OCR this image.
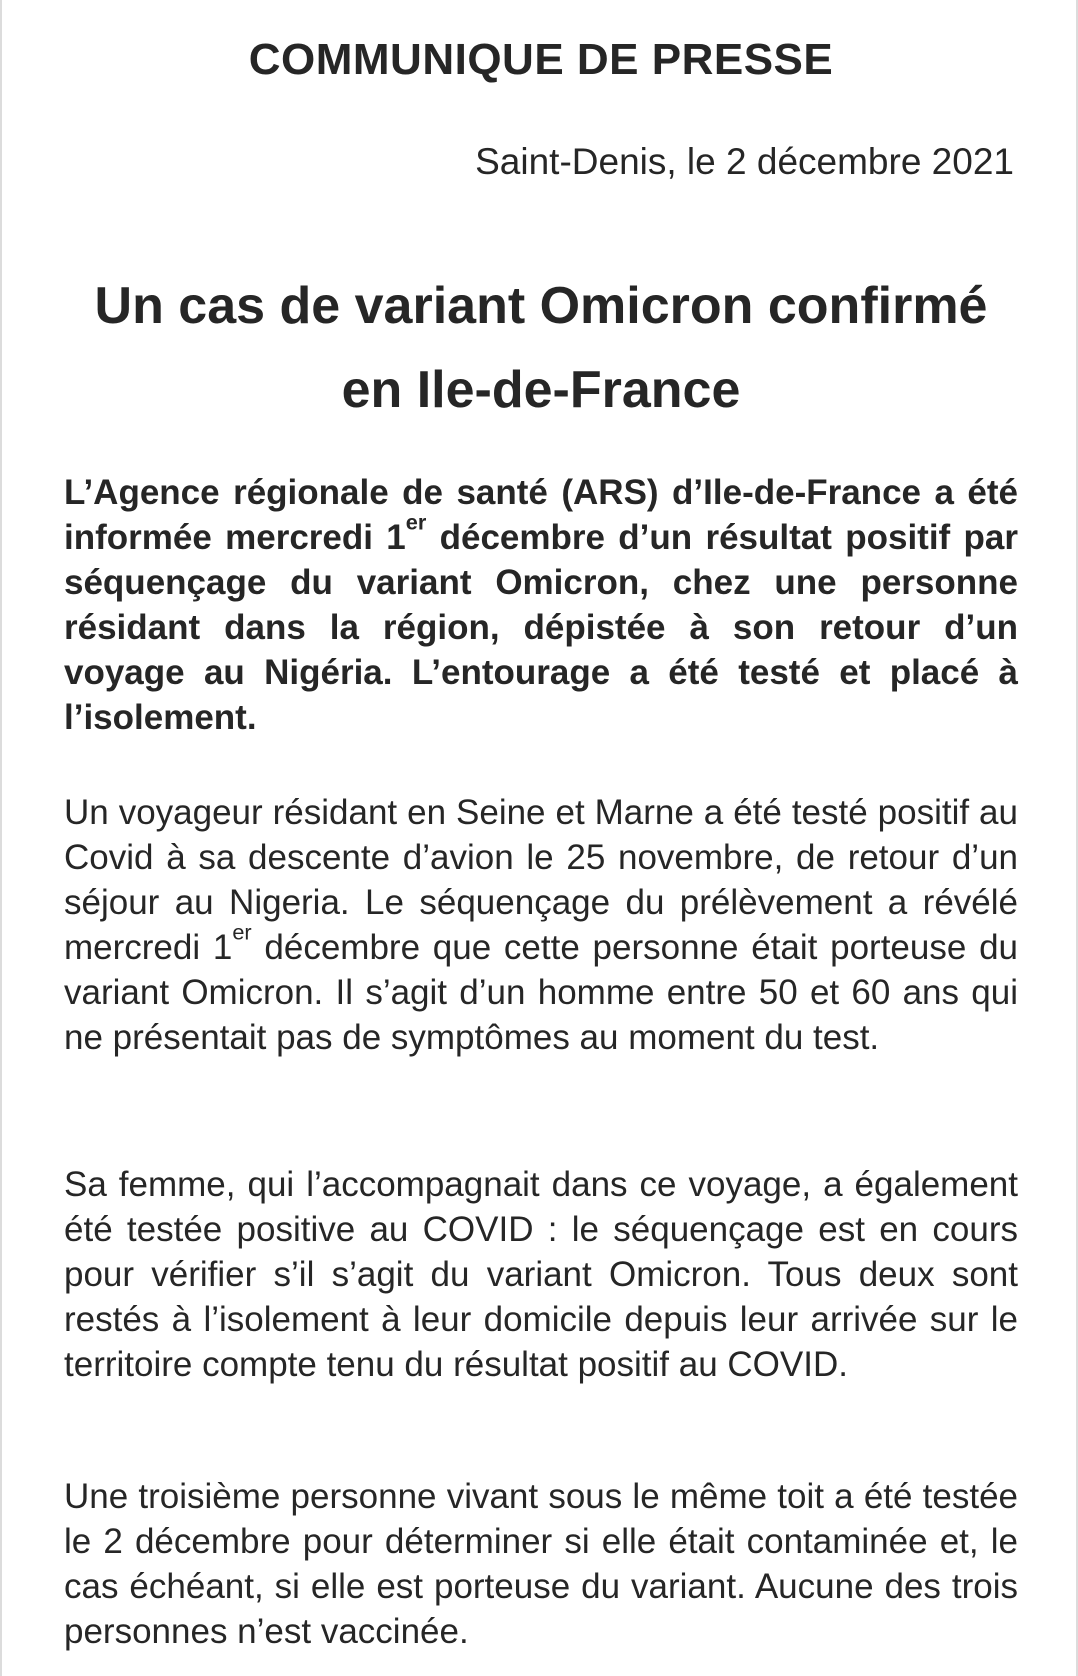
COMMUNIQUE DE PRESSE
Saint-Denis, le 2 décembre 2021
Un cas de variant Omicron confirmé
en Ile-de-France

L’Agence régionale de santé (ARS) d’Ile-de-France a été informée mercredi 1er décembre d’un résultat positif par séquençage du variant Omicron, chez une personne résidant dans la région, dépistée à son retour d’un voyage au Nigéria. L’entourage a été testé et placé à l’isolement.

Un voyageur résidant en Seine et Marne a été testé positif au Covid à sa descente d’avion le 25 novembre, de retour d’un séjour au Nigeria. Le séquençage du prélèvement a révélé mercredi 1er décembre que cette personne était porteuse du variant Omicron. Il s’agit d’un homme entre 50 et 60 ans qui ne présentait pas de symptômes au moment du test.

Sa femme, qui l’accompagnait dans ce voyage, a également été testée positive au COVID : le séquençage est en cours pour vérifier s’il s’agit du variant Omicron. Tous deux sont restés à l’isolement à leur domicile depuis leur arrivée sur le territoire compte tenu du résultat positif au COVID.

Une troisième personne vivant sous le même toit a été testée le 2 décembre pour déterminer si elle était contaminée et, le cas échéant, si elle est porteuse du variant. Aucune des trois personnes n’est vaccinée.
